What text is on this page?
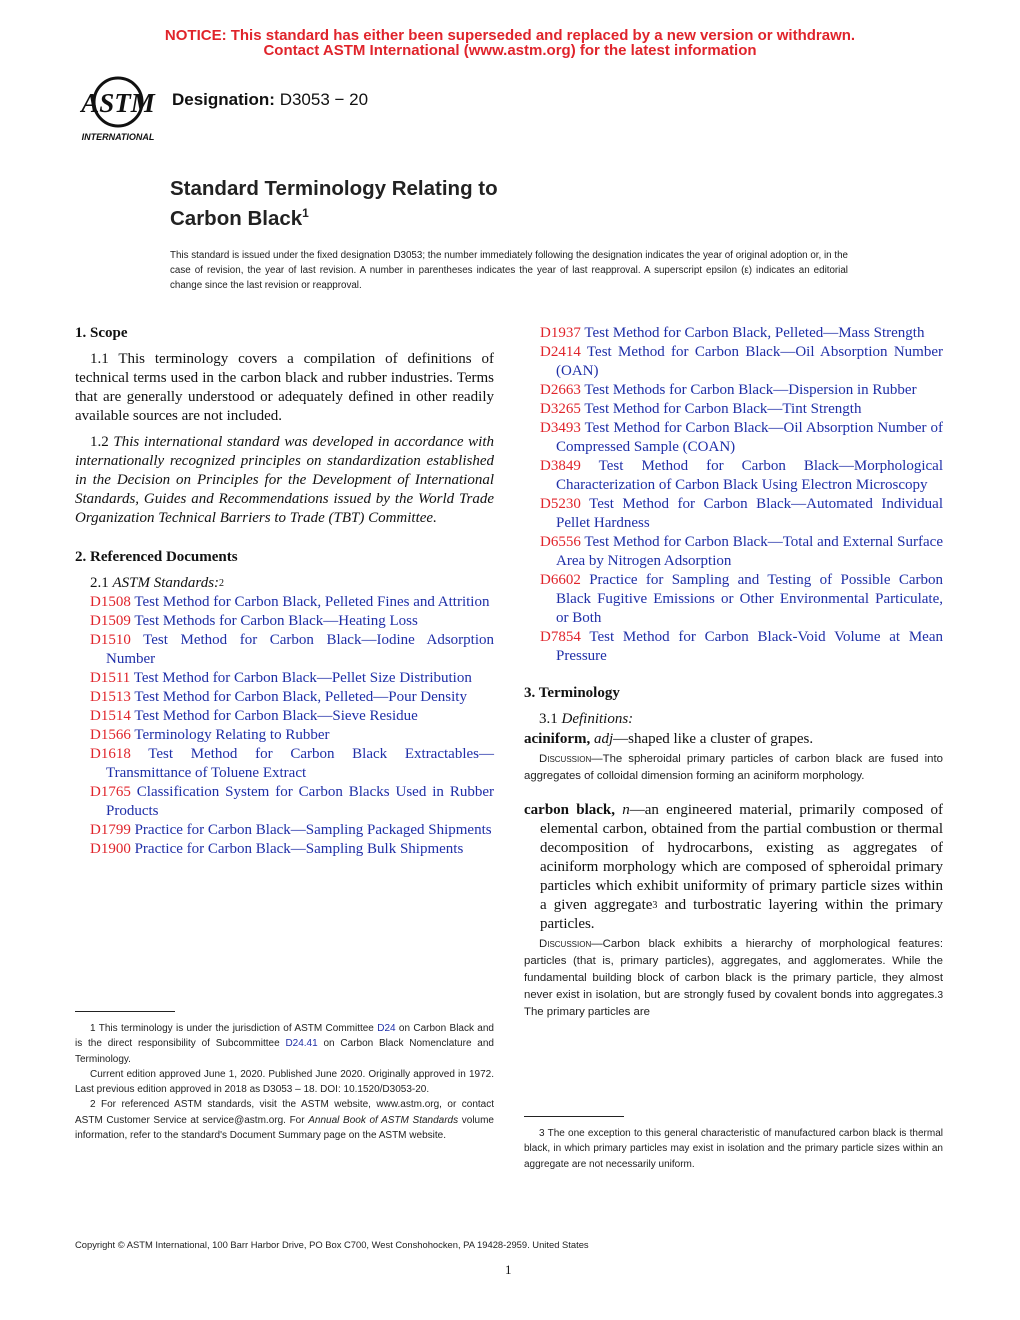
NOTICE: This standard has either been superseded and replaced by a new version or withdrawn.
Contact ASTM International (www.astm.org) for the latest information
ASTM
INTERNATIONAL
Designation: D3053 − 20
Standard Terminology Relating to
Carbon Black$^1$
This standard is issued under the fixed designation D3053; the number immediately following the designation indicates the year of original adoption or, in the case of revision, the year of last revision. A number in parentheses indicates the year of last reapproval. A superscript epsilon (ε) indicates an editorial change since the last revision or reapproval.
1. Scope
1.1 This terminology covers a compilation of definitions of technical terms used in the carbon black and rubber industries. Terms that are generally understood or adequately defined in other readily available sources are not included.
1.2 This international standard was developed in accordance with internationally recognized principles on standardization established in the Decision on Principles for the Development of International Standards, Guides and Recommendations issued by the World Trade Organization Technical Barriers to Trade (TBT) Committee.
2. Referenced Documents
2.1 ASTM Standards:$^2$

D1508 Test Method for Carbon Black, Pelleted Fines and Attrition

D1509 Test Methods for Carbon Black—Heating Loss

D1510 Test Method for Carbon Black—Iodine Adsorption Number

D1511 Test Method for Carbon Black—Pellet Size Distribution

D1513 Test Method for Carbon Black, Pelleted—Pour Density

D1514 Test Method for Carbon Black—Sieve Residue

D1566 Terminology Relating to Rubber

D1618 Test Method for Carbon Black Extractables—Transmittance of Toluene Extract

D1765 Classification System for Carbon Blacks Used in Rubber Products

D1799 Practice for Carbon Black—Sampling Packaged Shipments

D1900 Practice for Carbon Black—Sampling Bulk Shipments

1 This terminology is under the jurisdiction of ASTM Committee D24 on Carbon Black and is the direct responsibility of Subcommittee D24.41 on Carbon Black Nomenclature and Terminology.

Current edition approved June 1, 2020. Published June 2020. Originally approved in 1972. Last previous edition approved in 2018 as D3053 – 18. DOI: 10.1520/D3053-20.

2 For referenced ASTM standards, visit the ASTM website, www.astm.org, or contact ASTM Customer Service at service@astm.org. For Annual Book of ASTM Standards volume information, refer to the standard's Document Summary page on the ASTM website.

D1937 Test Method for Carbon Black, Pelleted—Mass Strength

D2414 Test Method for Carbon Black—Oil Absorption Number (OAN)

D2663 Test Methods for Carbon Black—Dispersion in Rubber

D3265 Test Method for Carbon Black—Tint Strength

D3493 Test Method for Carbon Black—Oil Absorption Number of Compressed Sample (COAN)

D3849 Test Method for Carbon Black—Morphological Characterization of Carbon Black Using Electron Microscopy

D5230 Test Method for Carbon Black—Automated Individual Pellet Hardness

D6556 Test Method for Carbon Black—Total and External Surface Area by Nitrogen Adsorption

D6602 Practice for Sampling and Testing of Possible Carbon Black Fugitive Emissions or Other Environmental Particulate, or Both

D7854 Test Method for Carbon Black-Void Volume at Mean Pressure

3. Terminology
3.1 Definitions:
aciniform, adj—shaped like a cluster of grapes.
Discussion—The spheroidal primary particles of carbon black are fused into aggregates of colloidal dimension forming an aciniform morphology.
carbon black, n—an engineered material, primarily composed of elemental carbon, obtained from the partial combustion or thermal decomposition of hydrocarbons, existing as aggregates of aciniform morphology which are composed of spheroidal primary particles which exhibit uniformity of primary particle sizes within a given aggregate$^3$ and turbostratic layering within the primary particles.
Discussion—Carbon black exhibits a hierarchy of morphological features: particles (that is, primary particles), aggregates, and agglomerates. While the fundamental building block of carbon black is the primary particle, they almost never exist in isolation, but are strongly fused by covalent bonds into aggregates.3 The primary particles are

3 The one exception to this general characteristic of manufactured carbon black is thermal black, in which primary particles may exist in isolation and the primary particle sizes within an aggregate are not necessarily uniform.

Copyright © ASTM International, 100 Barr Harbor Drive, PO Box C700, West Conshohocken, PA 19428-2959. United States
1
